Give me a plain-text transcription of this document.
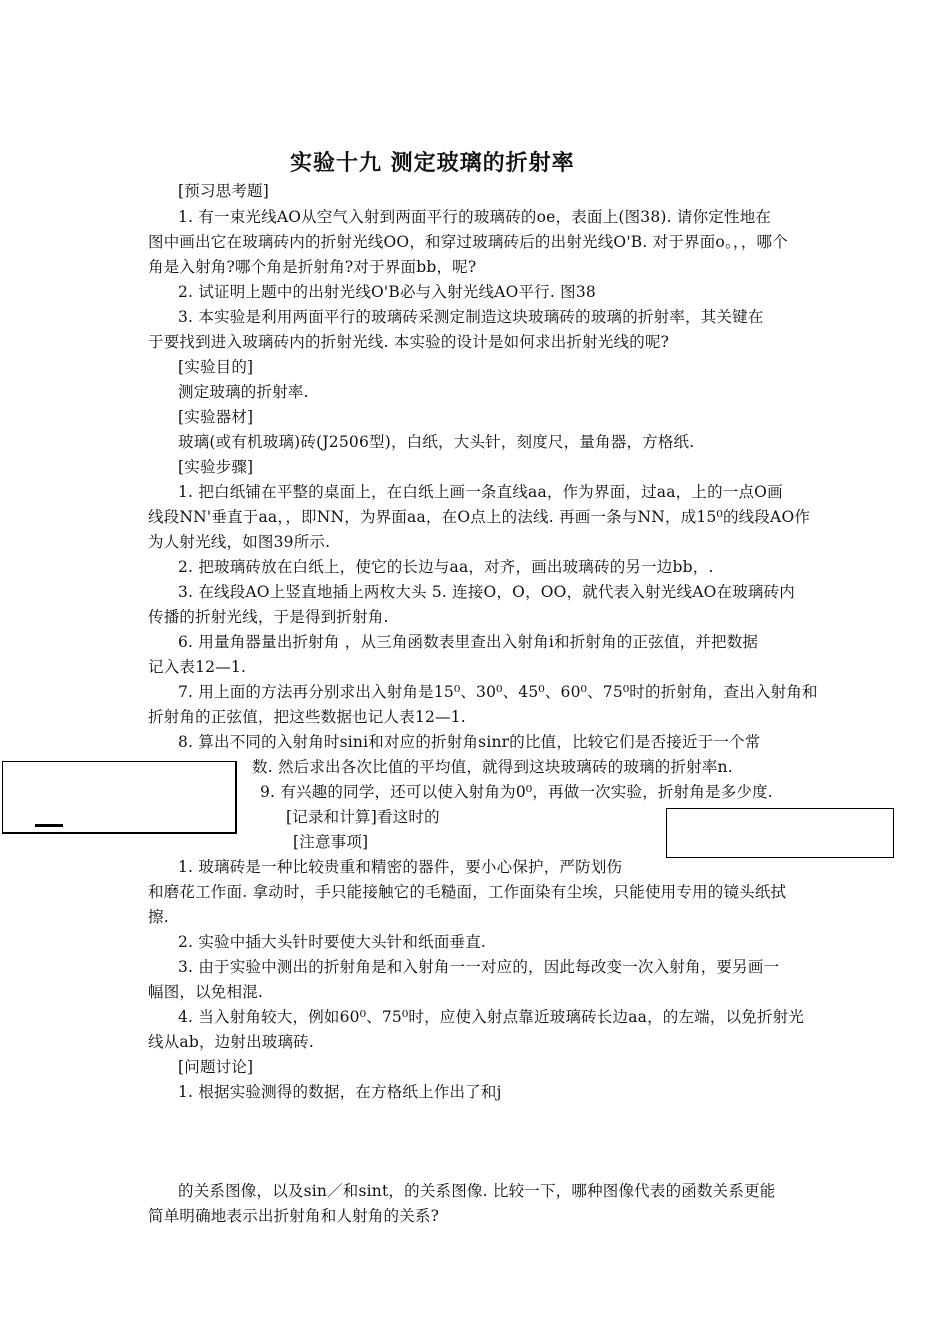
实验十九 测定玻璃的折射率
[预习思考题]
1. 有一束光线AO从空气入射到两面平行的玻璃砖的oe，表面上(图38). 请你定性地在
图中画出它在玻璃砖内的折射光线OO，和穿过玻璃砖后的出射光线O'B. 对于界面o。，，哪个
角是入射角?哪个角是折射角?对于界面bb，呢?
2. 试证明上题中的出射光线O'B必与入射光线AO平行. 图38
3. 本实验是利用两面平行的玻璃砖采测定制造这块玻璃砖的玻璃的折射率，其关键在
于要找到进入玻璃砖内的折射光线. 本实验的设计是如何求出折射光线的呢?
[实验目的]
测定玻璃的折射率.
[实验器材]
玻璃(或有机玻璃)砖(J2506型)，白纸，大头针，刻度尺，量角器，方格纸.
[实验步骤]
1. 把白纸铺在平整的桌面上，在白纸上画一条直线aa，作为界面，过aa，上的一点O画
线段NN'垂直于aa，，即NN，为界面aa，在O点上的法线. 再画一条与NN，成15⁰的线段AO作
为人射光线，如图39所示.
2. 把玻璃砖放在白纸上，使它的长边与aa，对齐，画出玻璃砖的另一边bb，.
3. 在线段AO上竖直地插上两枚大头 5. 连接O，O，OO，就代表入射光线AO在玻璃砖内
传播的折射光线，于是得到折射角.
6. 用量角器量出折射角 ，从三角函数表里查出入射角i和折射角的正弦值，并把数据
记入表12—1.
7. 用上面的方法再分别求出入射角是15⁰、30⁰、45⁰、60⁰、75⁰时的折射角，查出入射角和
折射角的正弦值，把这些数据也记人表12—1.
8. 算出不同的入射角时sini和对应的折射角sinr的比值，比较它们是否接近于一个常
数. 然后求出各次比值的平均值，就得到这块玻璃砖的玻璃的折射率n.
9. 有兴趣的同学，还可以使入射角为0⁰，再做一次实验，折射角是多少度.
[记录和计算]看这时的
[注意事项]
1. 玻璃砖是一种比较贵重和精密的器件，要小心保护，严防划伤
和磨花工作面. 拿动时，手只能接触它的毛糙面，工作面染有尘埃，只能使用专用的镜头纸拭
擦.
2. 实验中插大头针时要使大头针和纸面垂直.
3. 由于实验中测出的折射角是和入射角一一对应的，因此每改变一次入射角，要另画一
幅图，以免相混.
4. 当入射角较大，例如60⁰、75⁰时，应使入射点靠近玻璃砖长边aa，的左端，以免折射光
线从ab，边射出玻璃砖.
[问题讨论]
1. 根据实验测得的数据，在方格纸上作出了和j
的关系图像，以及sin／和sint，的关系图像. 比较一下，哪种图像代表的函数关系更能
简单明确地表示出折射角和人射角的关系?
